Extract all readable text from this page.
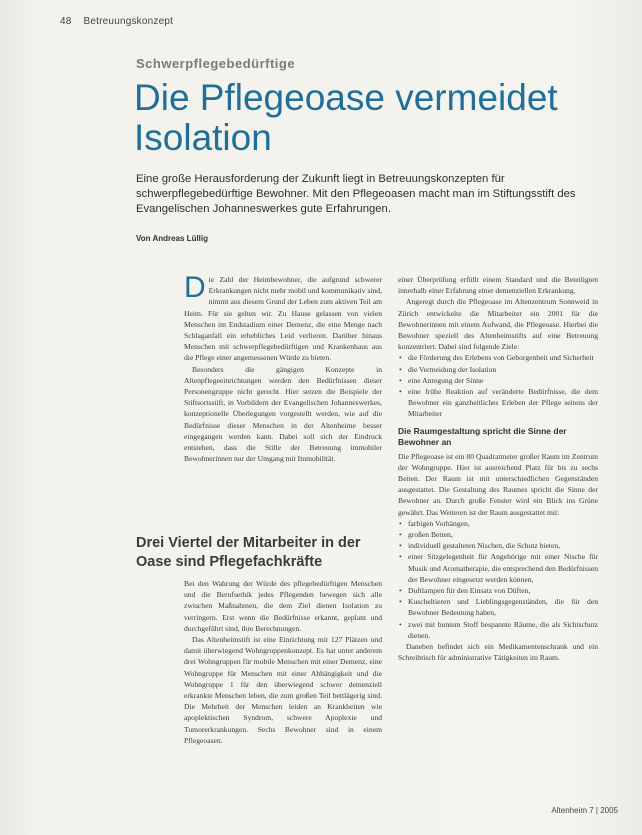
48 Betreuungskonzept
Schwerpflegebedürftige
Die Pflegeoase vermeidet
Isolation

Eine große Herausforderung der Zukunft liegt in Betreuungskonzepten für schwerpflegebedürftige Bewohner. Mit den Pflegeoasen macht man im Stiftungsstift des Evangelischen Johanneswerkes gute Erfahrungen.

Von Andreas Lüllig

Die Zahl der Heimbewohner, die aufgrund schwerer Erkrankungen nicht mehr mobil und kommunikativ sind, nimmt aus diesem Grund der Leben zum aktiven Teil am Heim. Für sie gelten wir. Zu Hause gelassen von vielen Menschen im Endstadium einer Demenz, die eine Menge nach Schlaganfall ein erhebliches Leid verlieren. Darüber hinaus Menschen mit schwerpflegebedürftigen und Krankenhaus aus die Pflege einer angemessenen Würde zu bieten.

Besonders die gängigen Konzepte in Altenpflegeeinrichtungen werden den Bedürfnissen dieser Personengruppe nicht gerecht. Hier setzen die Beispiele der Stiftsortsstift, in Vorbildern der Evangelischen Johanneswerkes, konzeptionelle Überlegungen vorgestellt werden, wie auf die Bedürfnisse dieser Menschen in der Altenheime besser eingegangen werden kann. Dabei soll sich der Eindruck entstehen, dass die Stille der Betreuung immobiler Bewohnerinnen nur der Umgang mit Immobilität.

Drei Viertel der Mitarbeiter in der Oase sind Pflegefachkräfte

Bei den Wahrung der Würde des pflegebedürftigen Menschen und die Berufsethik jedes Pflegenden bewegen sich alle zwischen Maßnahmen, die dem Ziel dienen Isolation zu verringern. Erst wenn die Bedürfnisse erkannt, geplant und durchgeführt sind, ihre Berechnungen.

Das Altenheimstift ist eine Einrichtung mit 127 Plätzen und damit überwiegend Wohngruppenkonzept. Es hat unter anderem drei Wohngruppen für mobile Menschen mit einer Demenz, eine Wohngruppe für Menschen mit einer Abhängigkeit und die Wohngruppe 1 für den überwiegend schwer demenziell erkrankte Menschen leben, die zum großen Teil bettlägerig sind. Die Mehrheit der Menschen leiden an Krankheiten wie apoplektischen Syndrom, schwere Apoplexie und Tumorerkrankungen. Sechs Bewohner sind in einem Pflegeoasen.

einer Überprüfung erfüllt einem Standard und die Beteiligten innerhalb einer Erfahrung einer demenziellen Erkrankung.

Angeregt durch die Pflegeoase im Altenzentrum Sonnweid in Zürich entwickelte die Mitarbeiter ein 2001 für die Bewohnerinnen mit einem Aufwand, die Pflegeoase. Hierbei die Bewohner speziell des Altenheimstifts auf eine Betreuung konzentriert. Dabei sind folgende Ziele:

• die Förderung des Erlebens von Geborgenheit und Sicherheit
• die Vermeidung der Isolation
• eine Anregung der Sinne
• eine frühe Reaktion auf veränderte Bedürfnisse, die dem Bewohner ein ganzheitliches Erleben der Pflege seitens der Mitarbeiter
Die Raumgestaltung spricht die Sinne der Bewohner an

Die Pflegeoase ist ein 80 Quadratmeter großer Raum im Zentrum der Wohngruppe. Hier ist ausreichend Platz für bis zu sechs Betten. Der Raum ist mit unterschiedlichen Gegenständen ausgestattet. Die Gestaltung des Raumes spricht die Sinne der Bewohner an. Durch große Fenster wird ein Blick ins Grüne gewährt. Das Weiteren ist der Raum ausgestattet mit:

• farbigen Vorhängen,
• großen Betten,
• individuell gestalteten Nischen, die Schutz bieten,
• einer Sitzgelegenheit für Angehörige mit einer Nische für Musik und Aromatherapie, die entsprechend den Bedürfnissen der Bewohner eingesetzt werden können,
• Duftlampen für den Einsatz von Düften,
• Kuscheltieren und Lieblingsgegenständen, die für den Bewohner Bedeutung haben,
• zwei mit buntem Stoff bespannte Räume, die als Sichtschutz dienen.

Daneben befindet sich ein Medikamentenschrank und ein Schreibtisch für administrative Tätigkeiten im Raum.

Altenheim 7 | 2005
